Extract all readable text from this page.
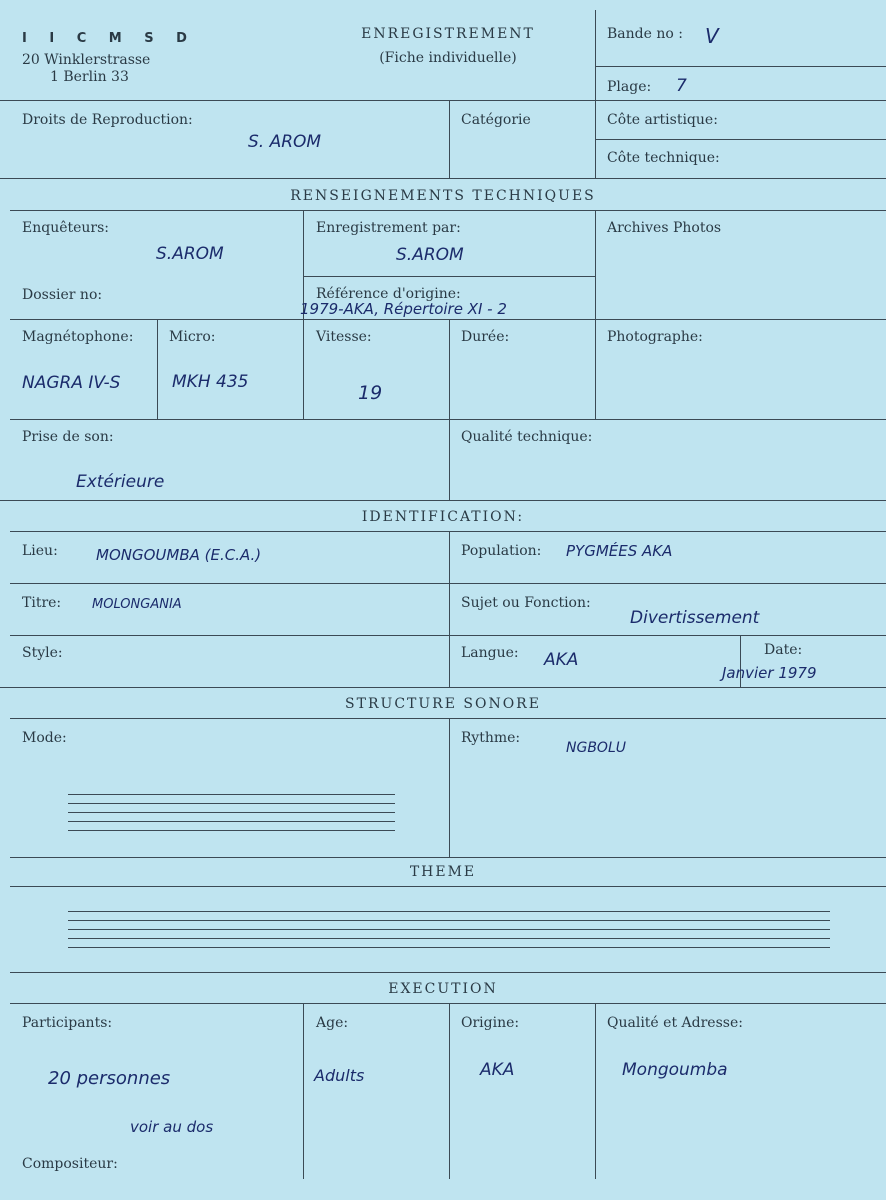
I I C M S D
20 Winklerstrasse
1 Berlin 33
ENREGISTREMENT
(Fiche individuelle)
Bande no : V
Plage: 7
Droits de Reproduction:
S. AROM
Catégorie	Côte artistique:
Côte technique:
RENSEIGNEMENTS TECHNIQUES
Enquêteurs:
S.AROM
Enregistrement par:
S.AROM
Archives Photos
Dossier no:	Référence d'origine:
1979-AKA, Répertoire XI - 2
Magnétophone:
NAGRA IV-S
Micro:
MKH 435
Vitesse:
19
Durée:	Photographe:
Prise de son:
Extérieure
Qualité technique:
IDENTIFICATION:
Lieu:	MONGOUMBA (E.C.A.)	Population: PYGMÉES AKA
Titre: MOLONGANIA	Sujet ou Fonction:
Divertissement
Style:	Langue: AKA	Date:
Janvier 1979
STRUCTURE SONORE
Mode:	Rythme:
NGBOLU
THEME
EXECUTION
Participants:
20 personnes
voir au dos
Compositeur:
Age:
Adults
Origine:
AKA
Qualité et Adresse:
Mongoumba
